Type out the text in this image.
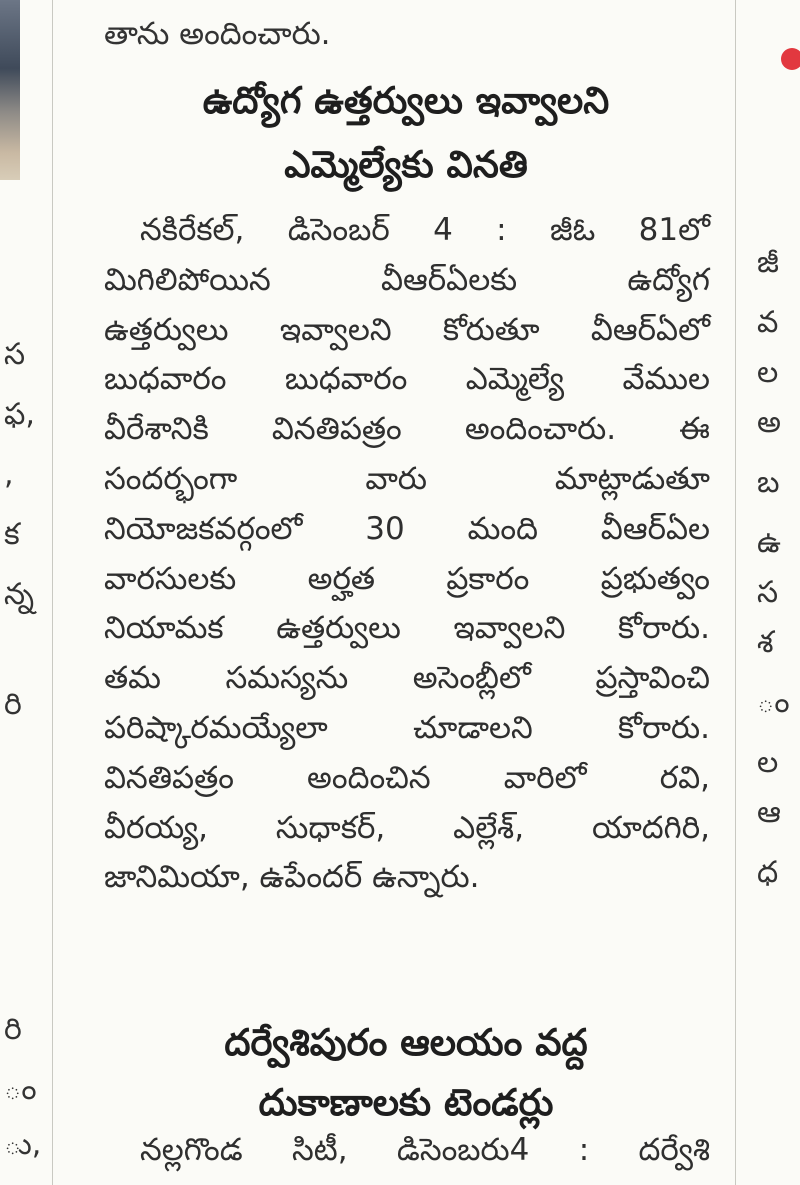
స
ఫ,
,
క
న్న
రి
రి
ం
ు,
తాను అందించారు.
ఉద్యోగ ఉత్తర్వులు ఇవ్వాలని
ఎమ్మెల్యేకు వినతి
నకిరేకల్, డిసెంబర్ 4 : జీఓ 81లో
మిగిలిపోయిన వీఆర్ఏలకు ఉద్యోగ
ఉత్తర్వులు ఇవ్వాలని కోరుతూ వీఆర్ఏలో
బుధవారం బుధవారం ఎమ్మెల్యే వేముల
వీరేశానికి వినతిపత్రం అందించారు. ఈ
సందర్భంగా వారు మాట్లాడుతూ
నియోజకవర్గంలో 30 మంది వీఆర్ఏల
వారసులకు అర్హత ప్రకారం ప్రభుత్వం
నియామక ఉత్తర్వులు ఇవ్వాలని కోరారు.
తమ సమస్యను అసెంబ్లీలో ప్రస్తావించి
పరిష్కారమయ్యేలా చూడాలని కోరారు.
వినతిపత్రం అందించిన వారిలో రవి,
వీరయ్య, సుధాకర్, ఎల్లేశ్, యాదగిరి,
జానిమియా, ఉపేందర్ ఉన్నారు.
దర్వేశిపురం ఆలయం వద్ద
దుకాణాలకు టెండర్లు
నల్లగొండ సిటీ, డిసెంబరు4 : దర్వేశి
జీ
వ
ల
అ
బ
ఉ
స
శ
ం
ల
ఆ
ధ
